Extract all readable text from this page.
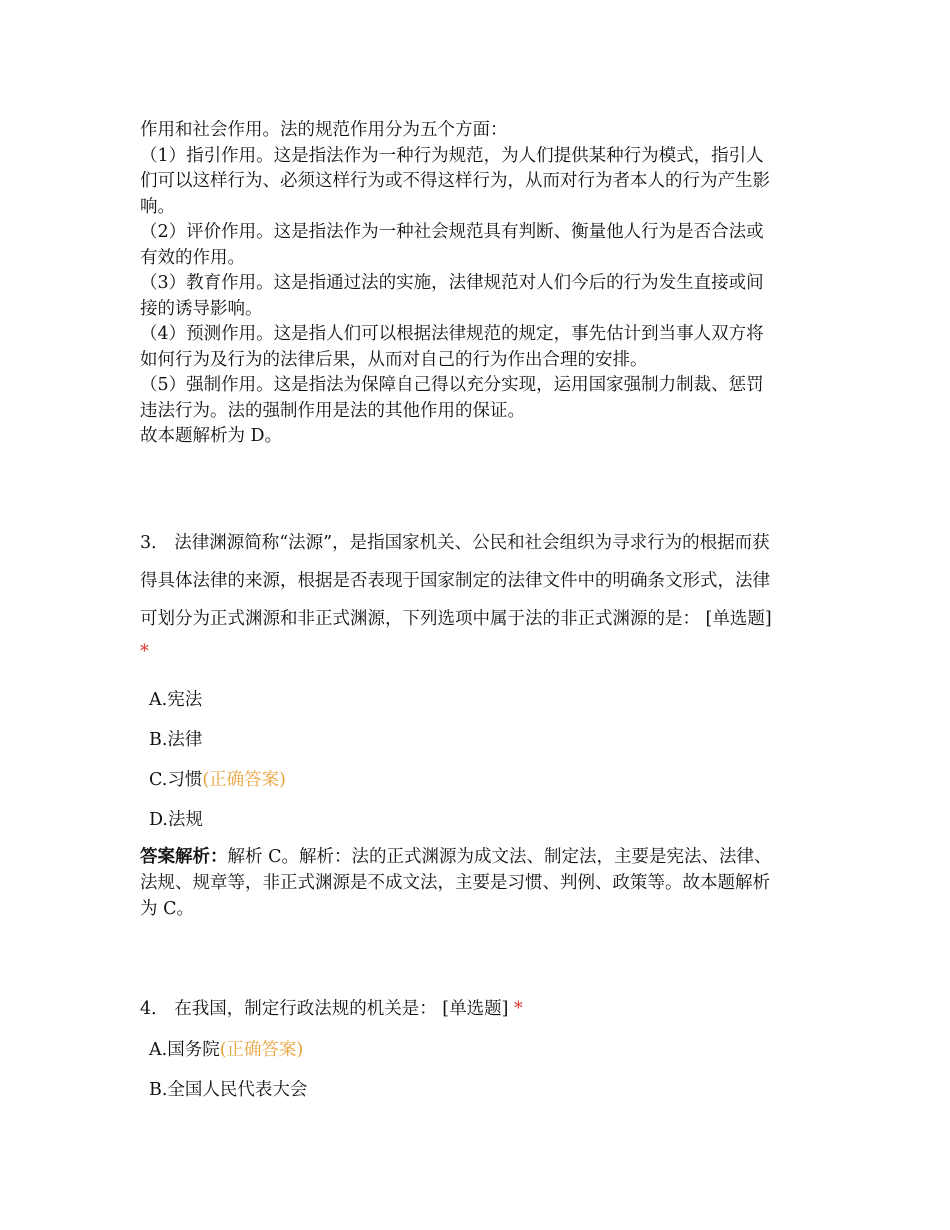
作用和社会作用。法的规范作用分为五个方面：

（1）指引作用。这是指法作为一种行为规范，为人们提供某种行为模式，指引人

们可以这样行为、必须这样行为或不得这样行为，从而对行为者本人的行为产生影

响。

（2）评价作用。这是指法作为一种社会规范具有判断、衡量他人行为是否合法或

有效的作用。

（3）教育作用。这是指通过法的实施，法律规范对人们今后的行为发生直接或间

接的诱导影响。

（4）预测作用。这是指人们可以根据法律规范的规定，事先估计到当事人双方将

如何行为及行为的法律后果，从而对自己的行为作出合理的安排。

（5）强制作用。这是指法为保障自己得以充分实现，运用国家强制力制裁、惩罚

违法行为。法的强制作用是法的其他作用的保证。

故本题解析为 D。

3． 法律渊源简称“法源”，是指国家机关、公民和社会组织为寻求行为的根据而获

得具体法律的来源，根据是否表现于国家制定的法律文件中的明确条文形式，法律

可划分为正式渊源和非正式渊源，下列选项中属于法的非正式渊源的是： [单选题]

*

A.宪法

B.法律

C.习惯(正确答案)

D.法规

答案解析：解析 C。解析：法的正式渊源为成文法、制定法，主要是宪法、法律、

法规、规章等，非正式渊源是不成文法，主要是习惯、判例、政策等。故本题解析

为 C。

4． 在我国，制定行政法规的机关是： [单选题] *

A.国务院(正确答案)

B.全国人民代表大会
